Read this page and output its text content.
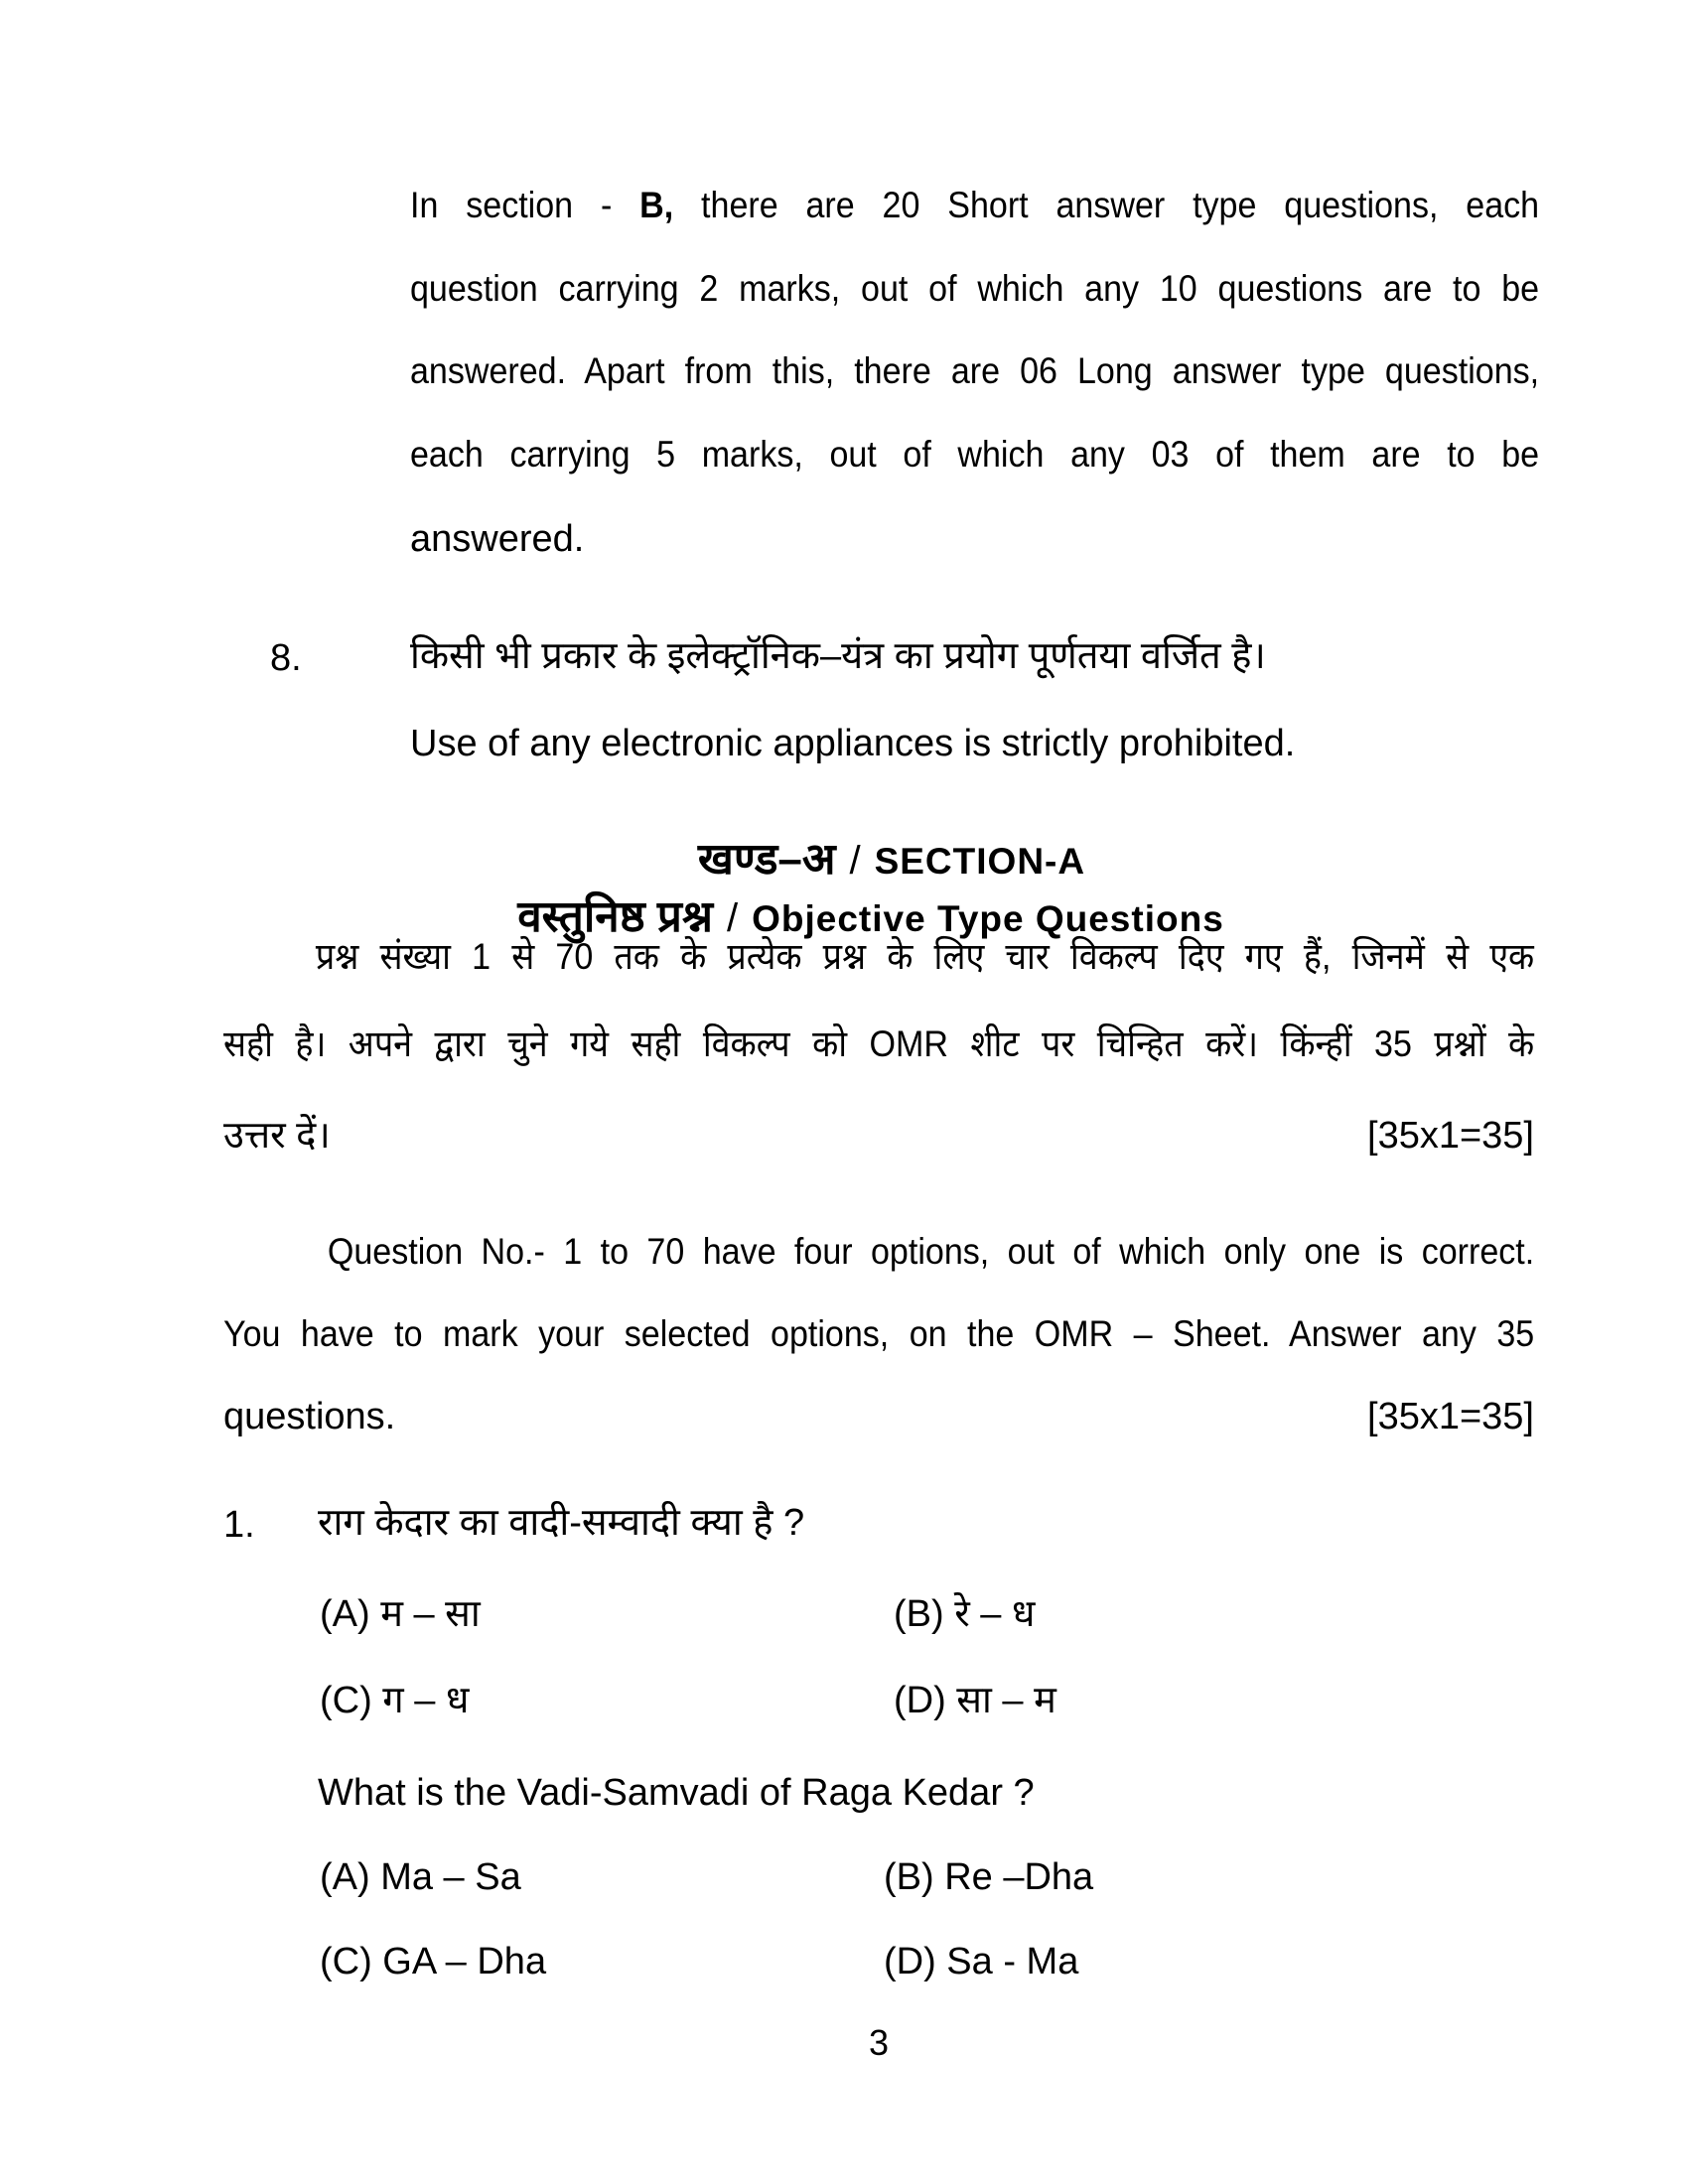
In section - B, there are 20 Short answer type questions, each
question carrying 2 marks, out of which any 10 questions are to be
answered. Apart from this, there are 06 Long answer type questions,
each carrying 5 marks, out of which any 03 of them are to be
answered.
8.	किसी भी प्रकार के इलेक्ट्रॉनिक–यंत्र का प्रयोग पूर्णतया वर्जित है।
Use of any electronic appliances is strictly prohibited.
खण्ड–अ / SECTION-A
वस्तुनिष्ठ प्रश्न / Objective Type Questions
प्रश्न संख्या 1 से 70 तक के प्रत्येक प्रश्न के लिए चार विकल्प दिए गए हैं, जिनमें से एक
सही है। अपने द्वारा चुने गये सही विकल्प को OMR शीट पर चिन्हित करें। किंन्हीं 35 प्रश्नों के
उत्तर दें।	[35x1=35]
Question No.- 1 to 70 have four options, out of which only one is correct.
You have to mark your selected options, on the OMR – Sheet. Answer any 35
questions.	[35x1=35]
1. राग केदार का वादी-सम्वादी क्या है ?
(A) म – सा	(B) रे – ध
(C) ग – ध	(D) सा – म
What is the Vadi-Samvadi of Raga Kedar ?
(A) Ma – Sa	(B) Re –Dha
(C) GA – Dha	(D) Sa - Ma
3
